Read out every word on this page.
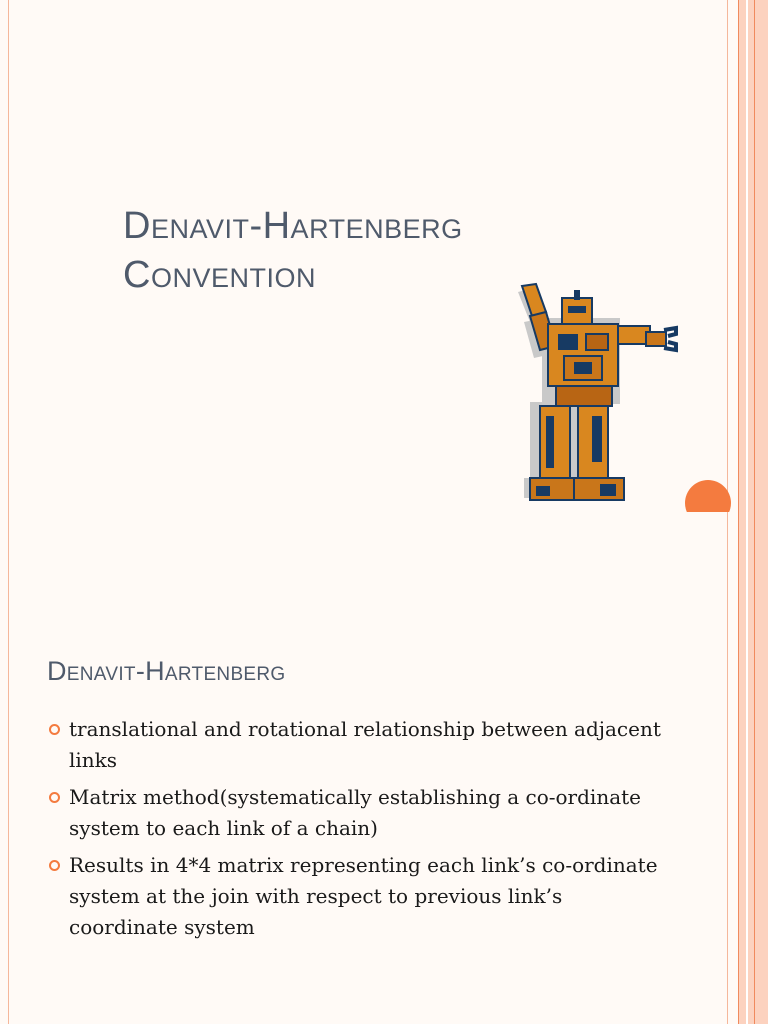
Denavit-Hartenberg
Convention
Denavit-Hartenberg
translational and rotational relationship between adjacent links
Matrix method(systematically establishing a co-ordinate system to each link of a chain)
Results in 4*4 matrix representing each link’s co-ordinate system at the join with respect to previous link’s coordinate system
